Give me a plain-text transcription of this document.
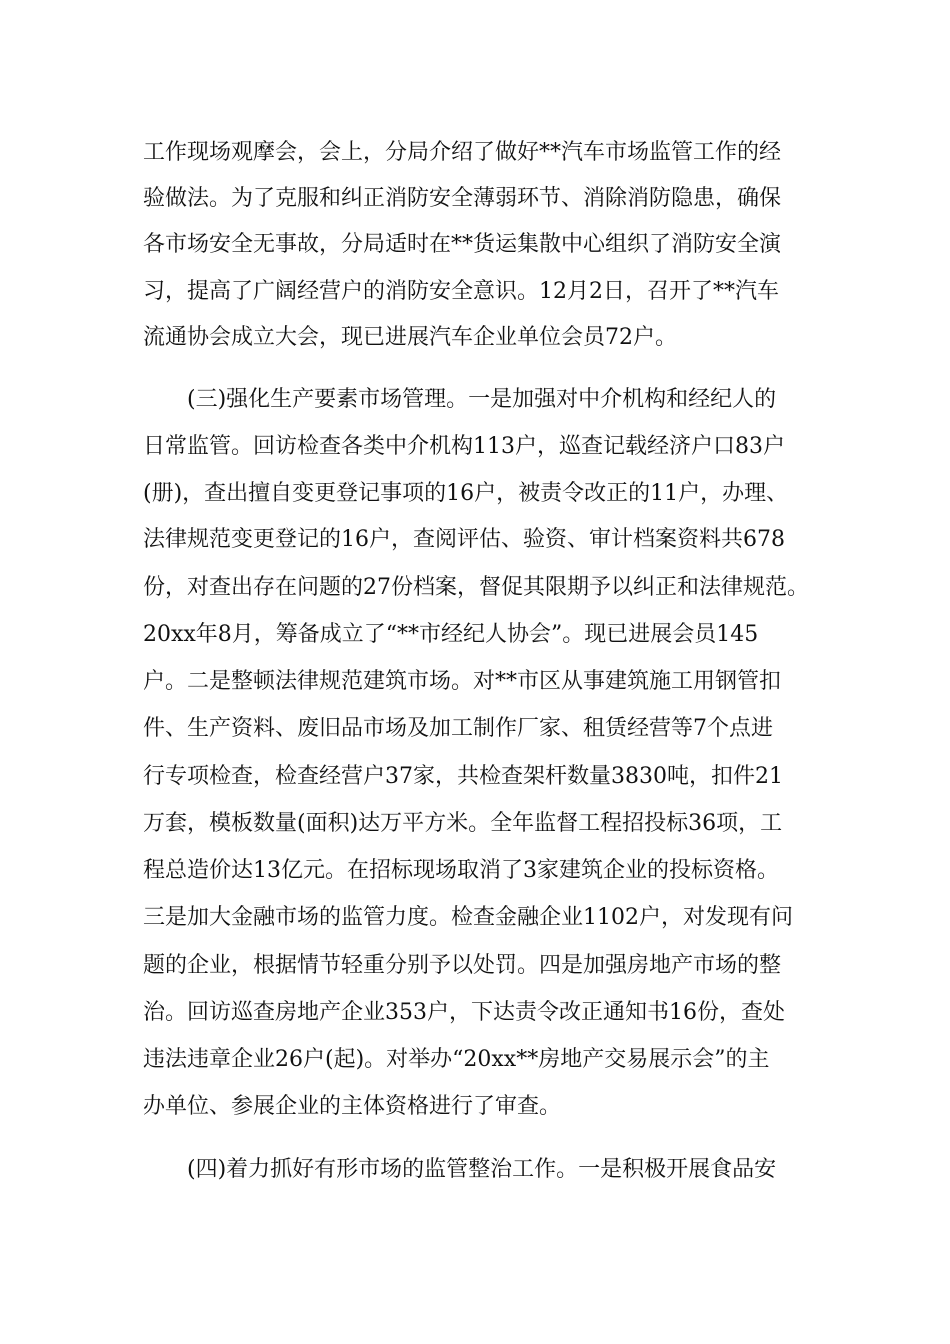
工作现场观摩会，会上，分局介绍了做好**汽车市场监管工作的经
验做法。为了克服和纠正消防安全薄弱环节、消除消防隐患，确保
各市场安全无事故，分局适时在**货运集散中心组织了消防安全演
习，提高了广阔经营户的消防安全意识。12月2日，召开了**汽车
流通协会成立大会，现已进展汽车企业单位会员72户。
(三)强化生产要素市场管理。一是加强对中介机构和经纪人的
日常监管。回访检查各类中介机构113户，巡查记载经济户口83户
(册)，查出擅自变更登记事项的16户，被责令改正的11户，办理、
法律规范变更登记的16户，查阅评估、验资、审计档案资料共678
份，对查出存在问题的27份档案，督促其限期予以纠正和法律规范。
20xx年8月，筹备成立了“**市经纪人协会”。现已进展会员145
户。二是整顿法律规范建筑市场。对**市区从事建筑施工用钢管扣
件、生产资料、废旧品市场及加工制作厂家、租赁经营等7个点进
行专项检查，检查经营户37家，共检查架杆数量3830吨，扣件21
万套，模板数量(面积)达万平方米。全年监督工程招投标36项，工
程总造价达13亿元。在招标现场取消了3家建筑企业的投标资格。
三是加大金融市场的监管力度。检查金融企业1102户，对发现有问
题的企业，根据情节轻重分别予以处罚。四是加强房地产市场的整
治。回访巡查房地产企业353户，下达责令改正通知书16份，查处
违法违章企业26户(起)。对举办“20xx**房地产交易展示会”的主
办单位、参展企业的主体资格进行了审查。
(四)着力抓好有形市场的监管整治工作。一是积极开展食品安
